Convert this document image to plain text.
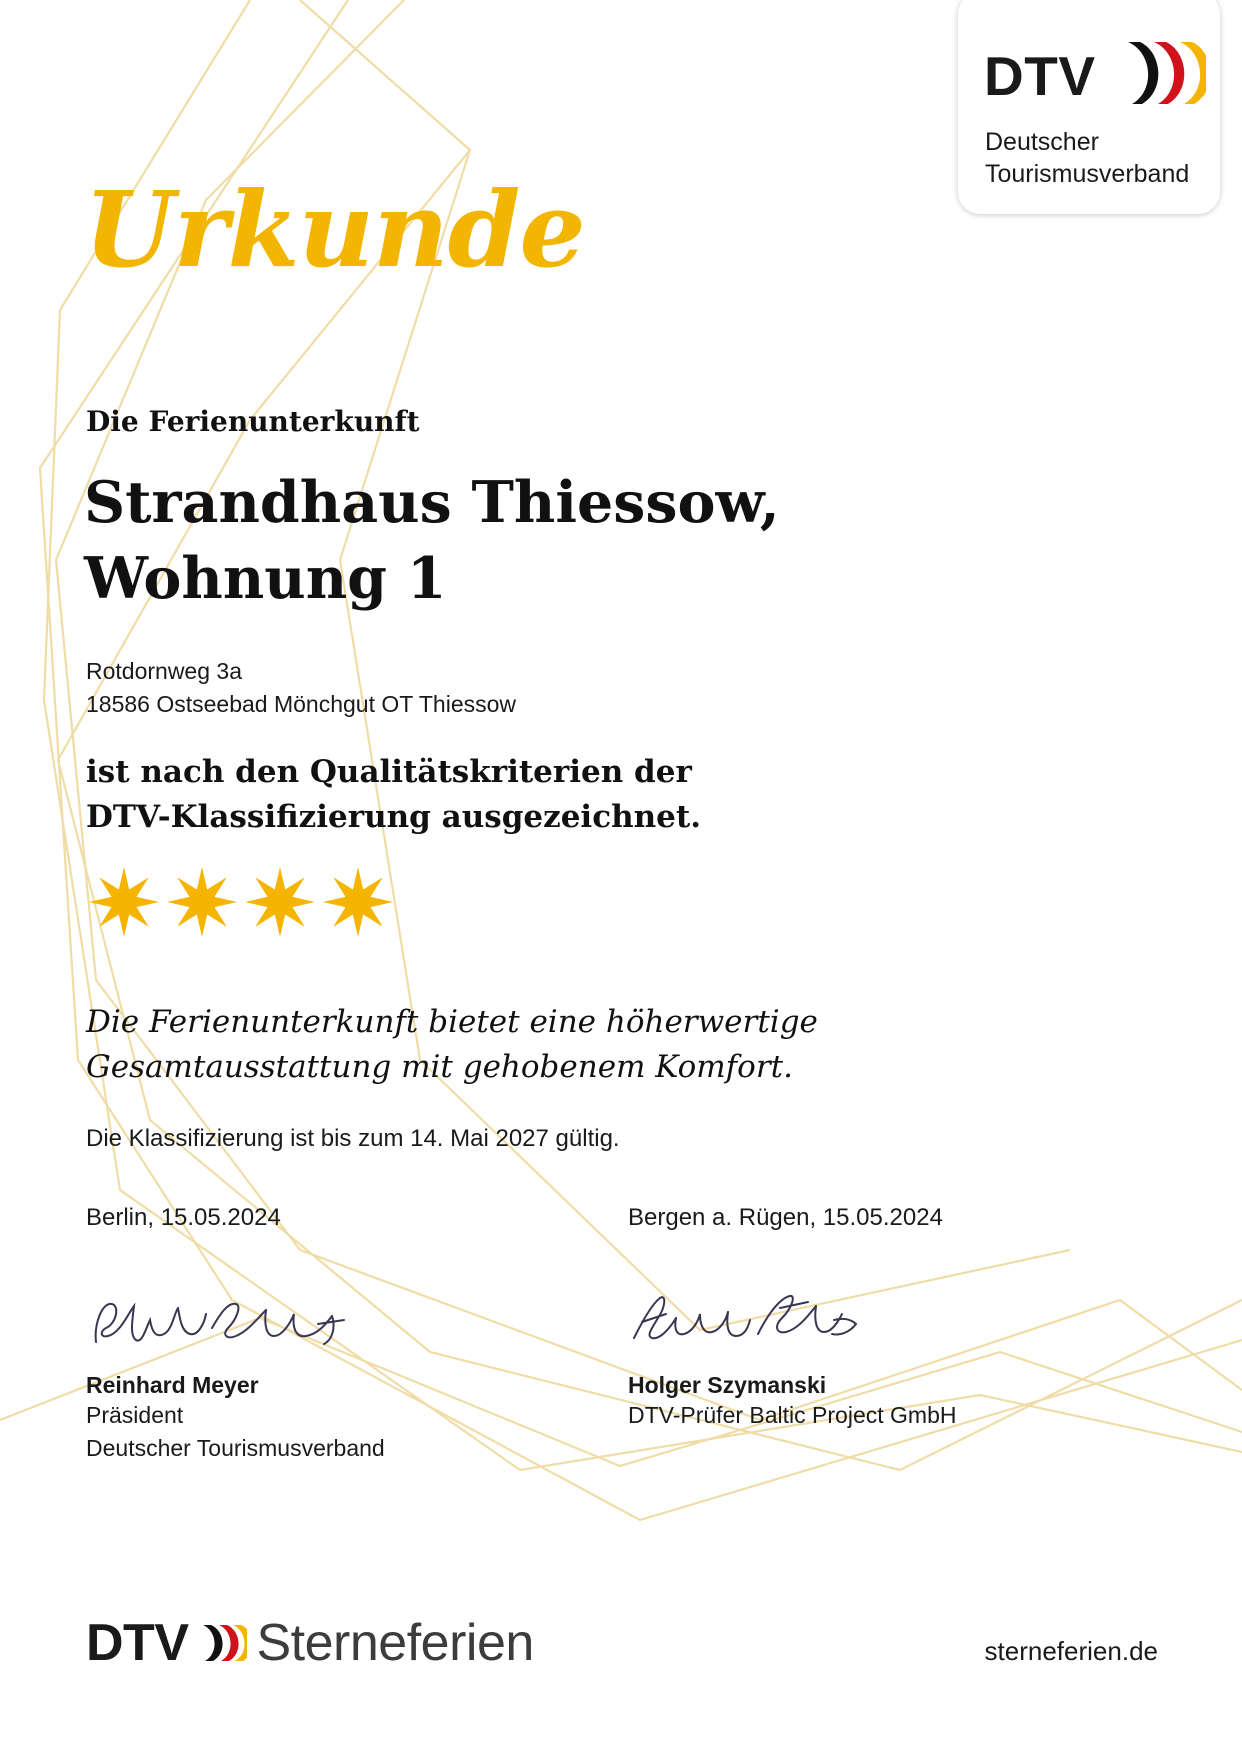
DTV
Deutscher
Tourismusverband
Urkunde
Die Ferienunterkunft
Strandhaus Thiessow, Wohnung 1
Rotdornweg 3a
18586 Ostseebad Mönchgut OT Thiessow
ist nach den Qualitätskriterien der
DTV-Klassifizierung ausgezeichnet.
Die Ferienunterkunft bietet eine höherwertige
Gesamtausstattung mit gehobenem Komfort.
Die Klassifizierung ist bis zum 14. Mai 2027 gültig.
Berlin, 15.05.2024
Reinhard Meyer
Präsident
Deutscher Tourismusverband
Bergen a. Rügen, 15.05.2024
Holger Szymanski
DTV-Prüfer Baltic Project GmbH
DTV Sterneferien	sterneferien.de
